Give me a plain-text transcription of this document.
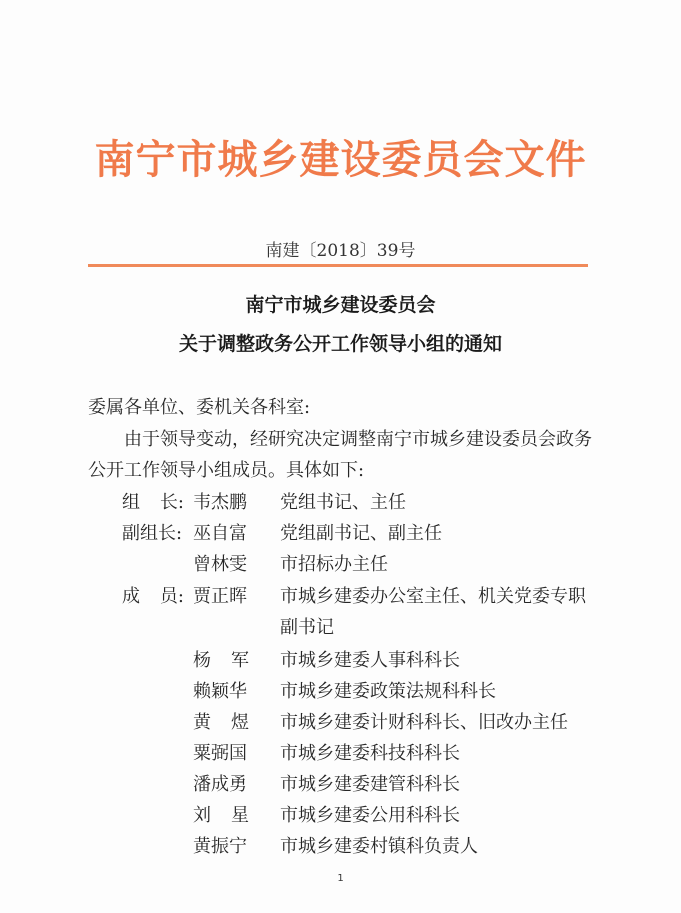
南宁市城乡建设委员会文件
南建〔2018〕39号
南宁市城乡建设委员会
关于调整政务公开工作领导小组的通知
委属各单位、委机关各科室:
由于领导变动，经研究决定调整南宁市城乡建设委员会政务
公开工作领导小组成员。具体如下:
组 长: 韦杰鹏 党组书记、主任
副组长: 巫自富 党组副书记、副主任
曾林雯 市招标办主任
成 员: 贾正晖 市城乡建委办公室主任、机关党委专职
副书记
杨 军 市城乡建委人事科科长
赖颖华 市城乡建委政策法规科科长
黄 煜 市城乡建委计财科科长、旧改办主任
粟弼国 市城乡建委科技科科长
潘成勇 市城乡建委建管科科长
刘 星 市城乡建委公用科科长
黄振宁 市城乡建委村镇科负责人
1
